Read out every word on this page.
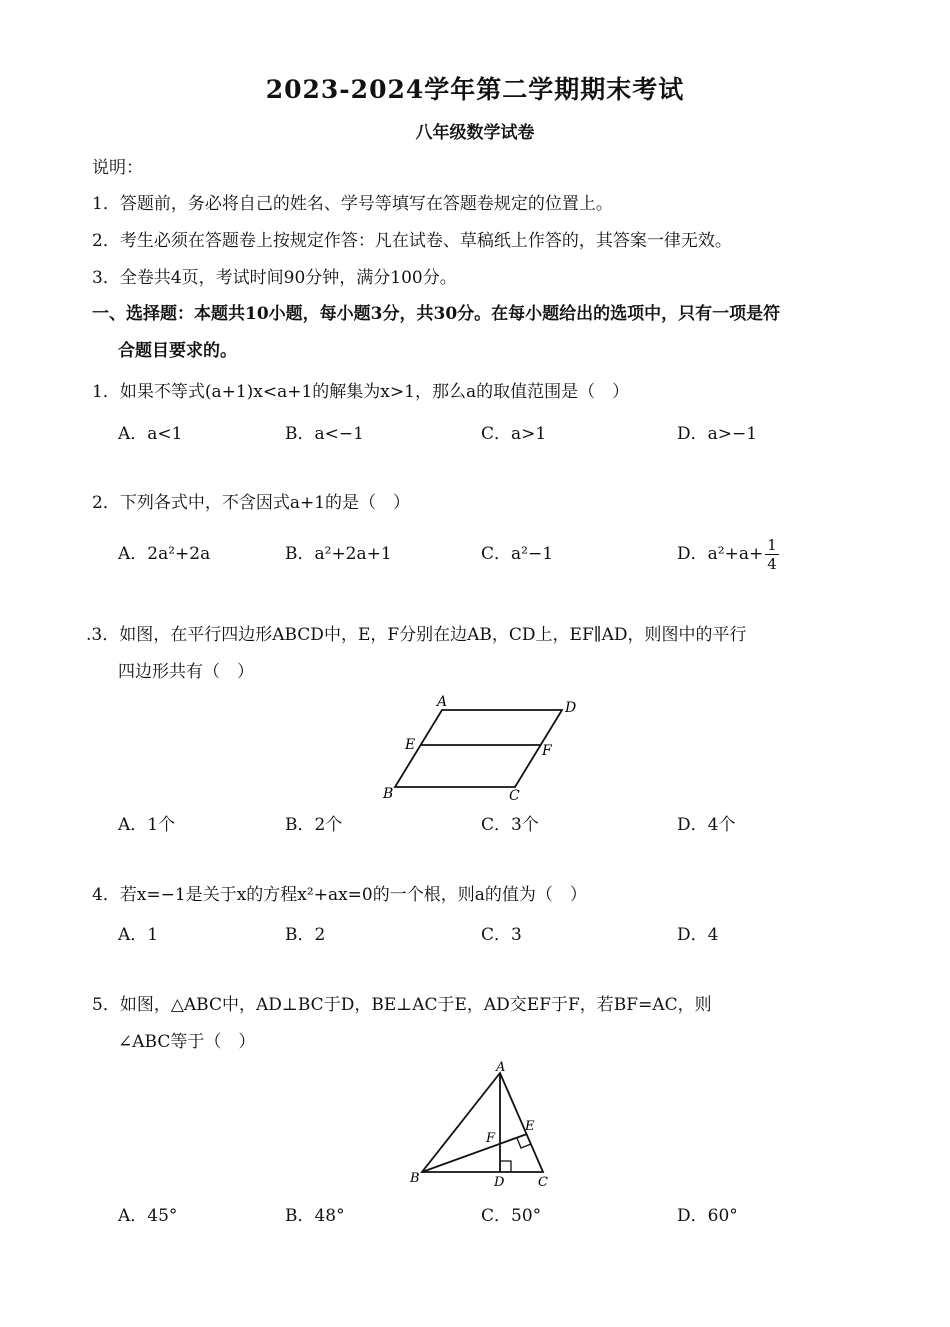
2023-2024学年第二学期期末考试
八年级数学试卷
说明：
1．答题前，务必将自己的姓名、学号等填写在答题卷规定的位置上。
2．考生必须在答题卷上按规定作答：凡在试卷、草稿纸上作答的，其答案一律无效。
3．全卷共4页，考试时间90分钟，满分100分。
一、选择题：本题共10小题，每小题3分，共30分。在每小题给出的选项中，只有一项是符
合题目要求的。
1．如果不等式(a+1)x<a+1的解集为x>1，那么a的取值范围是（　）
A．a<1	B．a<−1	C．a>1	D．a>−1
2．下列各式中，不含因式a+1的是（　）
A．2a²+2a	B．a²+2a+1	C．a²−1	D．$a^2+a+ \frac{1}{4}$
.3．如图，在平行四边形ABCD中，E，F分别在边AB，CD上，EF∥AD，则图中的平行
四边形共有（　）
A	D
E	F
B	C
A．1个	B．2个	C．3个	D．4个
4．若x=−1是关于x的方程x²+ax=0的一个根，则a的值为（　）
A．1	B．2	C．3	D．4
5．如图，△ABC中，AD⊥BC于D，BE⊥AC于E，AD交EF于F，若BF=AC，则
∠ABC等于（　）
A
E
F
B	D	C
A．45°	B．48°	C．50°	D．60°
